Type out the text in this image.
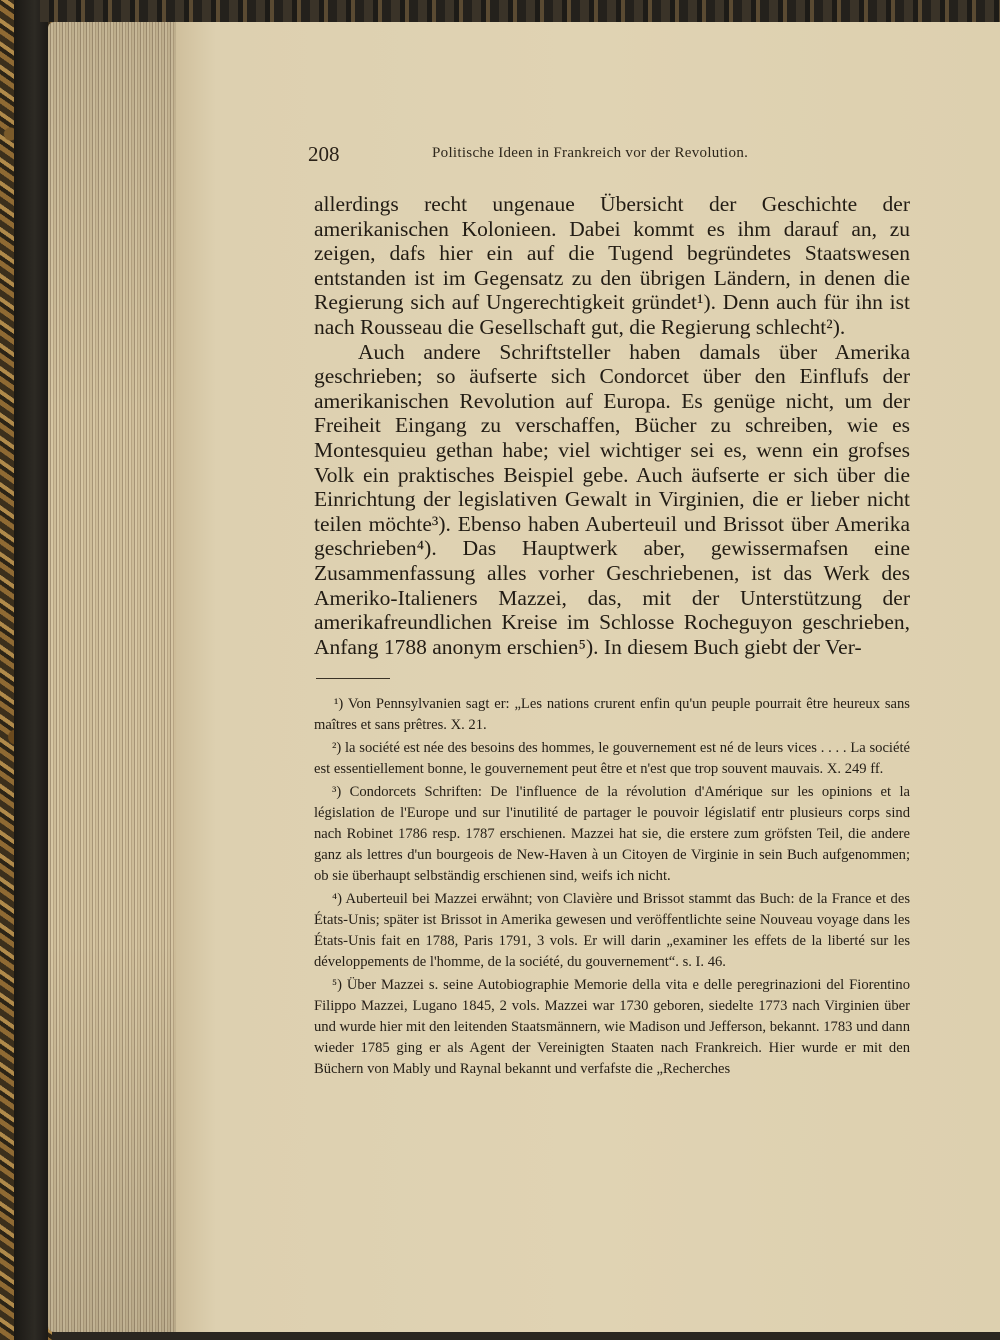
208	Politische Ideen in Frankreich vor der Revolution.

allerdings recht ungenaue Übersicht der Geschichte der amerikanischen Kolonieen. Dabei kommt es ihm darauf an, zu zeigen, dafs hier ein auf die Tugend begründetes Staatswesen entstanden ist im Gegensatz zu den übrigen Ländern, in denen die Regierung sich auf Ungerechtigkeit gründet¹). Denn auch für ihn ist nach Rousseau die Gesellschaft gut, die Regierung schlecht²).

Auch andere Schriftsteller haben damals über Amerika geschrieben; so äufserte sich Condorcet über den Einflufs der amerikanischen Revolution auf Europa. Es genüge nicht, um der Freiheit Eingang zu verschaffen, Bücher zu schreiben, wie es Montesquieu gethan habe; viel wichtiger sei es, wenn ein grofses Volk ein praktisches Beispiel gebe. Auch äufserte er sich über die Einrichtung der legislativen Gewalt in Virginien, die er lieber nicht teilen möchte³). Ebenso haben Auberteuil und Brissot über Amerika geschrieben⁴). Das Hauptwerk aber, gewissermafsen eine Zusammenfassung alles vorher Geschriebenen, ist das Werk des Ameriko-Italieners Mazzei, das, mit der Unterstützung der amerikafreundlichen Kreise im Schlosse Rocheguyon geschrieben, Anfang 1788 anonym erschien⁵). In diesem Buch giebt der Ver-

¹) Von Pennsylvanien sagt er: „Les nations crurent enfin qu'un peuple pourrait être heureux sans maîtres et sans prêtres. X. 21.

²) la société est née des besoins des hommes, le gouvernement est né de leurs vices . . . . La société est essentiellement bonne, le gouvernement peut être et n'est que trop souvent mauvais. X. 249 ff.

³) Condorcets Schriften: De l'influence de la révolution d'Amérique sur les opinions et la législation de l'Europe und sur l'inutilité de partager le pouvoir législatif entr plusieurs corps sind nach Robinet 1786 resp. 1787 erschienen. Mazzei hat sie, die erstere zum gröfsten Teil, die andere ganz als lettres d'un bourgeois de New-Haven à un Citoyen de Virginie in sein Buch aufgenommen; ob sie überhaupt selbständig erschienen sind, weifs ich nicht.

⁴) Auberteuil bei Mazzei erwähnt; von Clavière und Brissot stammt das Buch: de la France et des États-Unis; später ist Brissot in Amerika gewesen und veröffentlichte seine Nouveau voyage dans les États-Unis fait en 1788, Paris 1791, 3 vols. Er will darin „examiner les effets de la liberté sur les développements de l'homme, de la société, du gouvernement“. s. I. 46.

⁵) Über Mazzei s. seine Autobiographie Memorie della vita e delle peregrinazioni del Fiorentino Filippo Mazzei, Lugano 1845, 2 vols. Mazzei war 1730 geboren, siedelte 1773 nach Virginien über und wurde hier mit den leitenden Staatsmännern, wie Madison und Jefferson, bekannt. 1783 und dann wieder 1785 ging er als Agent der Vereinigten Staaten nach Frankreich. Hier wurde er mit den Büchern von Mably und Raynal bekannt und verfafste die „Recherches
